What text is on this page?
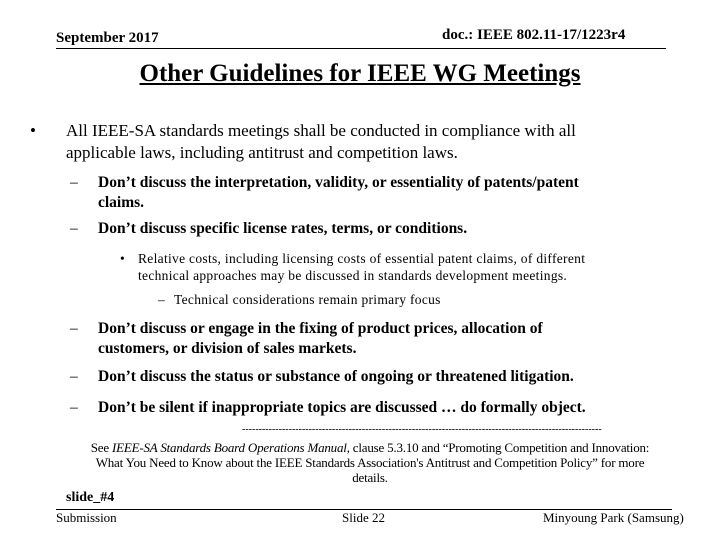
September 2017	doc.: IEEE 802.11-17/1223r4
Other Guidelines for IEEE WG Meetings
• All IEEE-SA standards meetings shall be conducted in compliance with all
applicable laws, including antitrust and competition laws.
– Don’t discuss the interpretation, validity, or essentiality of patents/patent
claims.
– Don’t discuss specific license rates, terms, or conditions.
• Relative costs, including licensing costs of essential patent claims, of different
technical approaches may be discussed in standards development meetings.
– Technical considerations remain primary focus
– Don’t discuss or engage in the fixing of product prices, allocation of
customers, or division of sales markets.
– Don’t discuss the status or substance of ongoing or threatened litigation.
– Don’t be silent if inappropriate topics are discussed … do formally object.
------------------------------------------------------------------------------------------------------------
See IEEE-SA Standards Board Operations Manual, clause 5.3.10 and “Promoting Competition and Innovation:
What You Need to Know about the IEEE Standards Association's Antitrust and Competition Policy” for more
details.
slide_#4
Submission	Slide 22	Minyoung Park (Samsung)
